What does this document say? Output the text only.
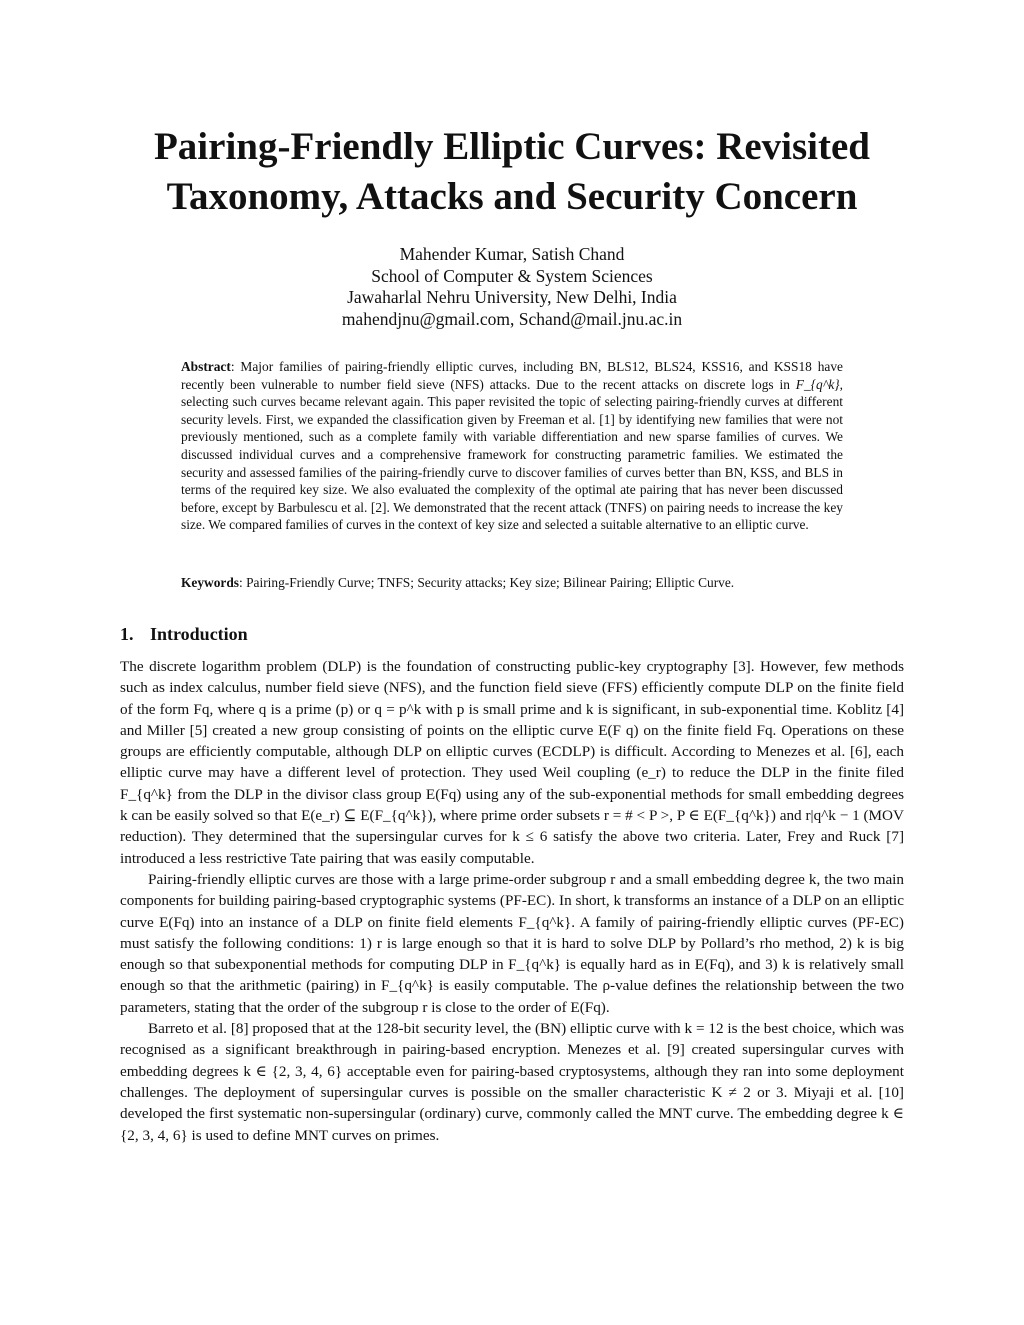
Pairing-Friendly Elliptic Curves: Revisited
Taxonomy, Attacks and Security Concern
Mahender Kumar, Satish Chand
School of Computer & System Sciences
Jawaharlal Nehru University, New Delhi, India
mahendjnu@gmail.com, Schand@mail.jnu.ac.in

Abstract: Major families of pairing-friendly elliptic curves, including BN, BLS12, BLS24, KSS16, and KSS18 have recently been vulnerable to number field sieve (NFS) attacks. Due to the recent attacks on discrete logs in F_{q^k}, selecting such curves became relevant again. This paper revisited the topic of selecting pairing-friendly curves at different security levels. First, we expanded the classification given by Freeman et al. [1] by identifying new families that were not previously mentioned, such as a complete family with variable differentiation and new sparse families of curves. We discussed individual curves and a comprehensive framework for constructing parametric families. We estimated the security and assessed families of the pairing-friendly curve to discover families of curves better than BN, KSS, and BLS in terms of the required key size. We also evaluated the complexity of the optimal ate pairing that has never been discussed before, except by Barbulescu et al. [2]. We demonstrated that the recent attack (TNFS) on pairing needs to increase the key size. We compared families of curves in the context of key size and selected a suitable alternative to an elliptic curve.

Keywords: Pairing-Friendly Curve; TNFS; Security attacks; Key size; Bilinear Pairing; Elliptic Curve.

1. Introduction

The discrete logarithm problem (DLP) is the foundation of constructing public-key cryptography [3]. However, few methods such as index calculus, number field sieve (NFS), and the function field sieve (FFS) efficiently compute DLP on the finite field of the form Fq, where q is a prime (p) or q = p^k with p is small prime and k is significant, in sub-exponential time. Koblitz [4] and Miller [5] created a new group consisting of points on the elliptic curve E(F q) on the finite field Fq. Operations on these groups are efficiently computable, although DLP on elliptic curves (ECDLP) is difficult. According to Menezes et al. [6], each elliptic curve may have a different level of protection. They used Weil coupling (e_r) to reduce the DLP in the finite filed F_{q^k} from the DLP in the divisor class group E(Fq) using any of the sub-exponential methods for small embedding degrees k can be easily solved so that E(e_r) ⊆ E(F_{q^k}), where prime order subsets r = # < P >, P ∈ E(F_{q^k}) and r|q^k − 1 (MOV reduction). They determined that the supersingular curves for k ≤ 6 satisfy the above two criteria. Later, Frey and Ruck [7] introduced a less restrictive Tate pairing that was easily computable.

Pairing-friendly elliptic curves are those with a large prime-order subgroup r and a small embedding degree k, the two main components for building pairing-based cryptographic systems (PF-EC). In short, k transforms an instance of a DLP on an elliptic curve E(Fq) into an instance of a DLP on finite field elements F_{q^k}. A family of pairing-friendly elliptic curves (PF-EC) must satisfy the following conditions: 1) r is large enough so that it is hard to solve DLP by Pollard’s rho method, 2) k is big enough so that subexponential methods for computing DLP in F_{q^k} is equally hard as in E(Fq), and 3) k is relatively small enough so that the arithmetic (pairing) in F_{q^k} is easily computable. The ρ-value defines the relationship between the two parameters, stating that the order of the subgroup r is close to the order of E(Fq).

Barreto et al. [8] proposed that at the 128-bit security level, the (BN) elliptic curve with k = 12 is the best choice, which was recognised as a significant breakthrough in pairing-based encryption. Menezes et al. [9] created supersingular curves with embedding degrees k ∈ {2, 3, 4, 6} acceptable even for pairing-based cryptosystems, although they ran into some deployment challenges. The deployment of supersingular curves is possible on the smaller characteristic K ≠ 2 or 3. Miyaji et al. [10] developed the first systematic non-supersingular (ordinary) curve, commonly called the MNT curve. The embedding degree k ∈ {2, 3, 4, 6} is used to define MNT curves on primes.
